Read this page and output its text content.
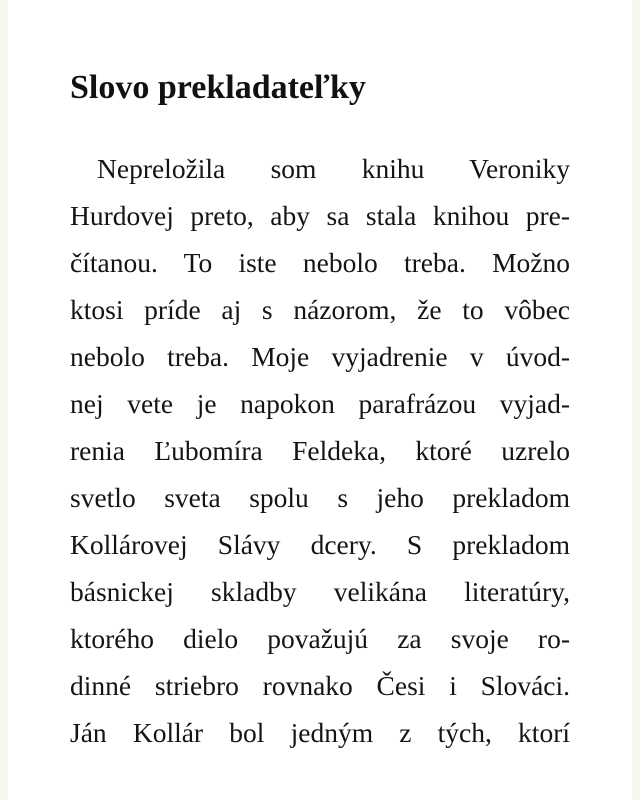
Slovo prekladateľky
Nepreložila som knihu Veroniky
Hurdovej preto, aby sa stala knihou pre-
čítanou. To iste nebolo treba. Možno
ktosi príde aj s názorom, že to vôbec
nebolo treba. Moje vyjadrenie v úvod-
nej vete je napokon parafrázou vyjad-
renia Ľubomíra Feldeka, ktoré uzrelo
svetlo sveta spolu s jeho prekladom
Kollárovej Slávy dcery. S prekladom
básnickej skladby velikána literatúry,
ktorého dielo považujú za svoje ro-
dinné striebro rovnako Česi i Slováci.
Ján Kollár bol jedným z tých, ktorí
